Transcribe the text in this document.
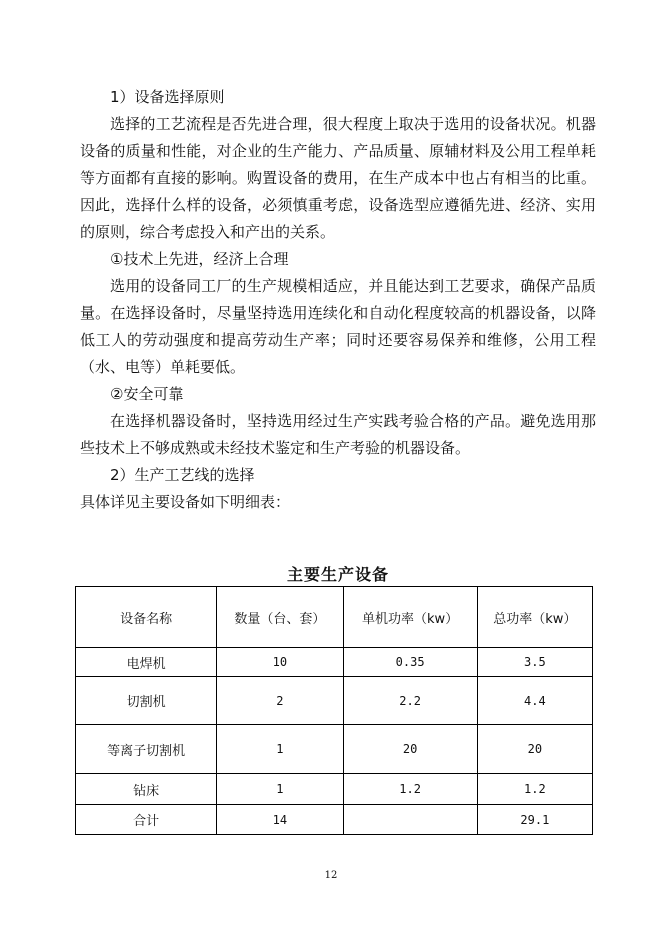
1）设备选择原则

选择的工艺流程是否先进合理，很大程度上取决于选用的设备状况。机器设备的质量和性能，对企业的生产能力、产品质量、原辅材料及公用工程单耗等方面都有直接的影响。购置设备的费用，在生产成本中也占有相当的比重。因此，选择什么样的设备，必须慎重考虑，设备选型应遵循先进、经济、实用的原则，综合考虑投入和产出的关系。

①技术上先进，经济上合理

选用的设备同工厂的生产规模相适应，并且能达到工艺要求，确保产品质量。在选择设备时，尽量坚持选用连续化和自动化程度较高的机器设备，以降低工人的劳动强度和提高劳动生产率；同时还要容易保养和维修，公用工程（水、电等）单耗要低。

②安全可靠

在选择机器设备时，坚持选用经过生产实践考验合格的产品。避免选用那些技术上不够成熟或未经技术鉴定和生产考验的机器设备。

2）生产工艺线的选择

具体详见主要设备如下明细表：

主要生产设备
设备名称	数量（台、套）	单机功率（kw）	总功率（kw）
电焊机	10	0.35	3.5
切割机	2	2.2	4.4
等离子切割机	1	20	20
钻床	1	1.2	1.2
合计	14		29.1
12
